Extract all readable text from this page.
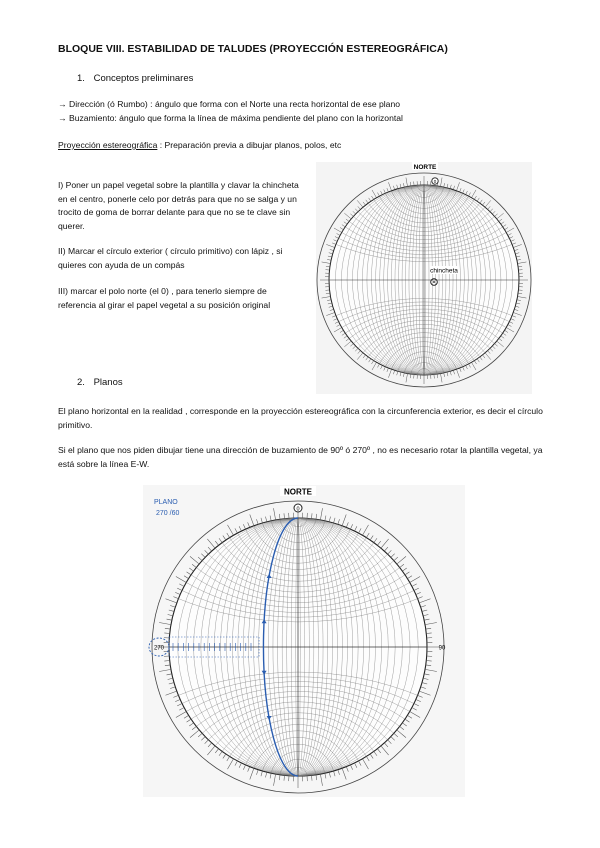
BLOQUE VIII. ESTABILIDAD DE TALUDES (PROYECCIÓN ESTEREOGRÁFICA)
1. Conceptos preliminares
→ Dirección (ó Rumbo) : ángulo que forma con el Norte una recta horizontal de ese plano
→ Buzamiento: ángulo que forma la línea de máxima pendiente del plano con la horizontal
Proyección estereográfica : Preparación previa a dibujar planos, polos, etc
I) Poner un papel vegetal sobre la plantilla y clavar la chincheta en el centro, ponerle celo por detrás para que no se salga y un trocito de goma de borrar delante para que no se te clave sin querer.
II) Marcar el círculo exterior ( círculo primitivo) con lápiz , si quieres con ayuda de un compás
III) marcar el polo norte (el 0) , para tenerlo siempre de referencia al girar el papel vegetal a su posición original
NORTE
0
chincheta
2. Planos
El plano horizontal en la realidad , corresponde en la proyección estereográfica con la circunferencia exterior, es decir el círculo primitivo.
Si el plano que nos piden dibujar tiene una dirección de buzamiento de 90º ó 270º , no es necesario rotar la plantilla vegetal, ya está sobre la línea E-W.
NORTE
0
PLANO
270 /60
270	90
